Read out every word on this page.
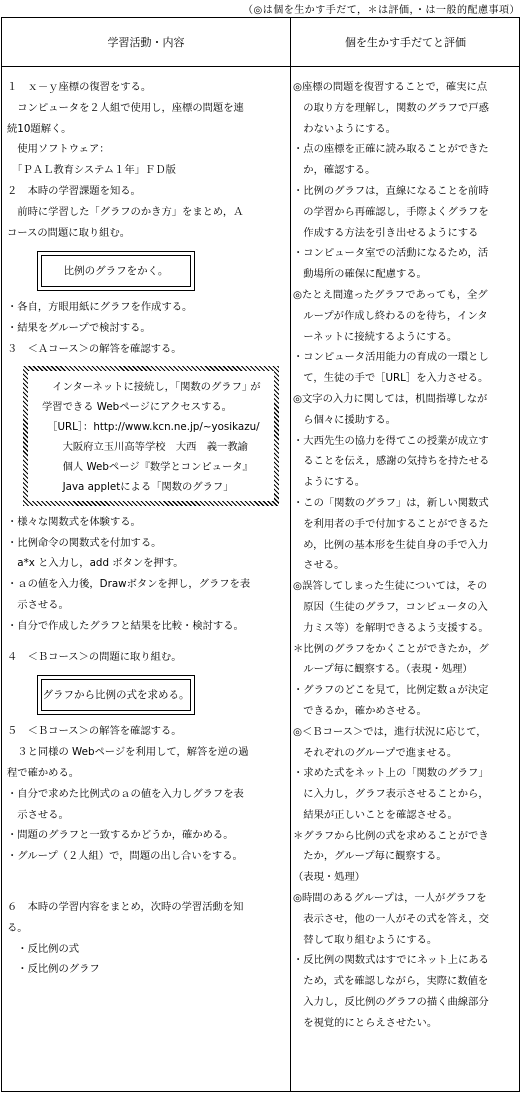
（◎は個を生かす手だて，＊は評価，・は一般的配慮事項）
学習活動・内容	個を生かす手だてと評価
１　ｘ－ｙ座標の復習をする。
　コンピュータを２人組で使用し，座標の問題を連
続10題解く。
　使用ソフトウェア：
　「ＰＡＬ教育システム１年」ＦＤ版
２　本時の学習課題を知る。
　前時に学習した「グラフのかき方」をまとめ，Ａ
コースの問題に取り組む。
比例のグラフをかく。
・各自，方眼用紙にグラフを作成する。
・結果をグループで検討する。
３　＜Ａコース＞の解答を確認する。
　インターネットに接続し，｢関数のグラフ｣ が
学習できる Webページにアクセスする。
　［URL］：http://www.kcn.ne.jp/~yosikazu/
　　大阪府立玉川高等学校　大西　義一教諭
　　個人 Webページ『数学とコンピュータ』
　　Java appletによる「関数のグラフ」
・様々な関数式を体験する。
・比例命令の関数式を付加する。
　a*x と入力し，add ボタンを押す。
・ａの値を入力後，Drawボタンを押し，グラフを表
　示させる。
・自分で作成したグラフと結果を比較・検討する。
４　＜Ｂコース＞の問題に取り組む。
グラフから比例の式を求める。
５　＜Ｂコース＞の解答を確認する。
　３と同様の Webページを利用して，解答を逆の過
程で確かめる。
・自分で求めた比例式のａの値を入力しグラフを表
　示させる。
・問題のグラフと一致するかどうか，確かめる。
・グループ（２人組）で，問題の出し合いをする。
６　本時の学習内容をまとめ，次時の学習活動を知
る。
　・反比例の式
　・反比例のグラフ
◎座標の問題を復習することで，確実に点
　の取り方を理解し，関数のグラフで戸惑
　わないようにする。
・点の座標を正確に読み取ることができた
　か，確認する。
・比例のグラフは，直線になることを前時
　の学習から再確認し，手際よくグラフを
　作成する方法を引き出せるようにする
・コンピュータ室での活動になるため，活
　動場所の確保に配慮する。
◎たとえ間違ったグラフであっても，全グ
　ループが作成し終わるのを待ち，インタ
　ーネットに接続するようにする。
・コンピュータ活用能力の育成の一環とし
　て，生徒の手で［URL］を入力させる。
◎文字の入力に関しては，机間指導しなが
　ら個々に援助する。
・大西先生の協力を得てこの授業が成立す
　ることを伝え，感謝の気持ちを持たせる
　ようにする。
・この「関数のグラフ」は，新しい関数式
　を利用者の手で付加することができるた
　め，比例の基本形を生徒自身の手で入力
　させる。
◎誤答してしまった生徒については，その
　原因（生徒のグラフ，コンピュータの入
　力ミス等）を解明できるよう支援する。
＊比例のグラフをかくことができたか，グ
　ループ毎に観察する。（表現・処理）
・グラフのどこを見て，比例定数ａが決定
　できるか，確かめさせる。
◎＜Ｂコース＞では，進行状況に応じて，
　それぞれのグループで進ませる。
・求めた式をネット上の「関数のグラフ」
　に入力し，グラフ表示させることから，
　結果が正しいことを確認させる。
＊グラフから比例の式を求めることができ
　たか，グループ毎に観察する。
（表現・処理）
◎時間のあるグループは，一人がグラフを
　表示させ，他の一人がその式を答え，交
　替して取り組むようにする。
・反比例の関数式はすでにネット上にある
　ため，式を確認しながら，実際に数値を
　入力し，反比例のグラフの描く曲線部分
　を視覚的にとらえさせたい。
